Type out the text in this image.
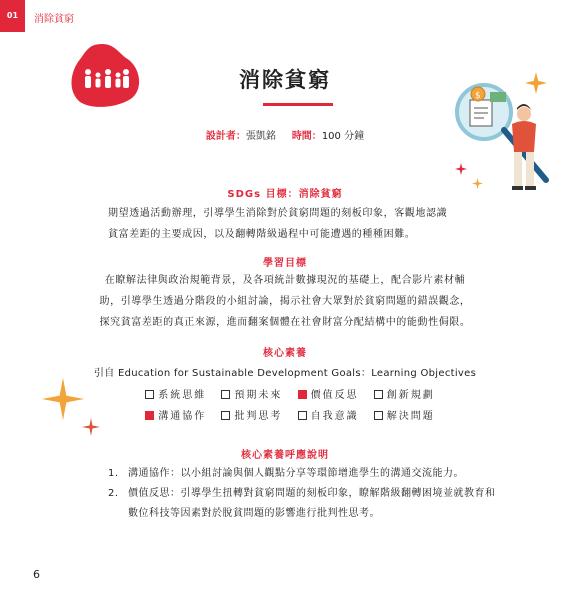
01	消除貧窮
消除貧窮
設計者：張凱銘 時間：100 分鐘
$
SDGs 目標：消除貧窮
期望透過活動辦理，引導學生消除對於貧窮問題的刻板印象，客觀地認識
貧富差距的主要成因，以及翻轉階級過程中可能遭遇的種種困難。
學習目標
在瞭解法律與政治規範背景，及各項統計數據現況的基礎上，配合影片素材輔
助，引導學生透過分階段的小組討論，揭示社會大眾對於貧窮問題的錯誤觀念，
探究貧富差距的真正來源，進而翻案個體在社會財富分配結構中的能動性侷限。
核心素養
引自 Education for Sustainable Development Goals：Learning Objectives
系統思維	預期未來	價值反思	創新規劃
溝通協作	批判思考	自我意識	解決問題
核心素養呼應說明
1. 溝通協作：以小組討論與個人觀點分享等環節增進學生的溝通交流能力。
2. 價值反思：引導學生扭轉對貧窮問題的刻板印象，瞭解階級翻轉困境並就教育和數位科技等因素對於脫貧問題的影響進行批判性思考。
6
